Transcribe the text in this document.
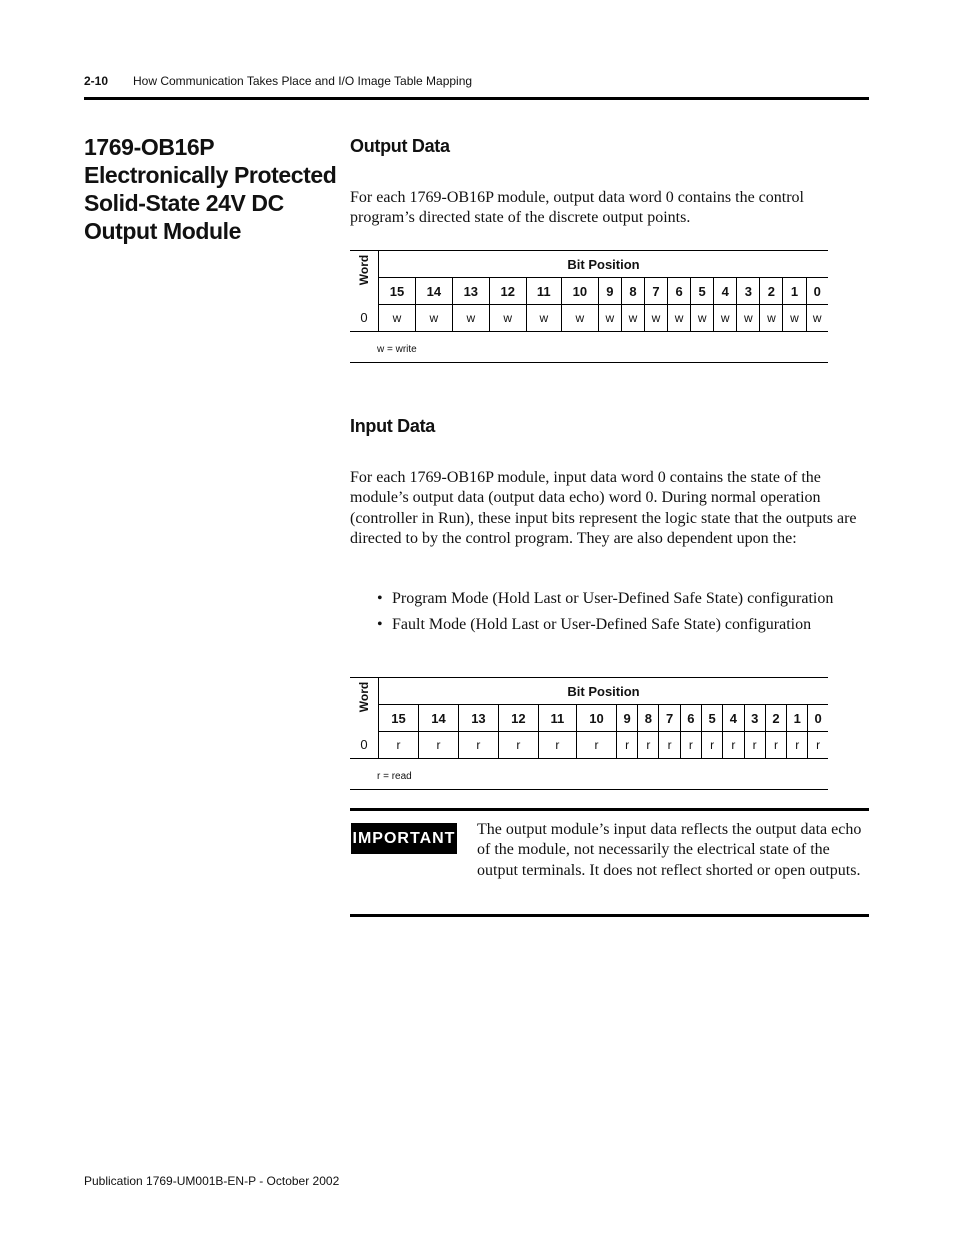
2-10 How Communication Takes Place and I/O Image Table Mapping
1769-OB16P Electronically Protected Solid-State 24V DC Output Module
Output Data
For each 1769-OB16P module, output data word 0 contains the control program’s directed state of the discrete output points.
Word	Bit Position															
	15	14	13	12	11	10	9	8	7	6	5	4	3	2	1	0
0	w	w	w	w	w	w	w	w	w	w	w	w	w	w	w	w
w = write
Input Data
For each 1769-OB16P module, input data word 0 contains the state of the module’s output data (output data echo) word 0. During normal operation (controller in Run), these input bits represent the logic state that the outputs are directed to by the control program. They are also dependent upon the:
• Program Mode (Hold Last or User-Defined Safe State) configuration
• Fault Mode (Hold Last or User-Defined Safe State) configuration
Word	Bit Position															
	15	14	13	12	11	10	9	8	7	6	5	4	3	2	1	0
0	r	r	r	r	r	r	r	r	r	r	r	r	r	r	r	r
r = read
IMPORTANT
The output module’s input data reflects the output data echo of the module, not necessarily the electrical state of the output terminals. It does not reflect shorted or open outputs.
Publication 1769-UM001B-EN-P - October 2002
